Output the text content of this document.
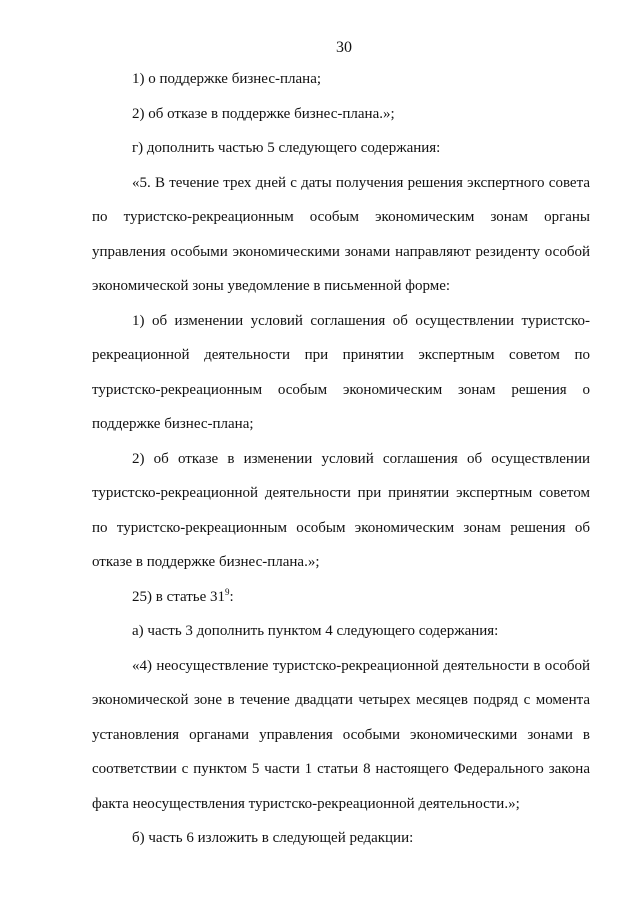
30

1) о поддержке бизнес-плана;

2) об отказе в поддержке бизнес-плана.»;

г) дополнить частью 5 следующего содержания:

«5. В течение трех дней с даты получения решения экспертного совета по туристско-рекреационным особым экономическим зонам органы управления особыми экономическими зонами направляют резиденту особой экономической зоны уведомление в письменной форме:

1) об изменении условий соглашения об осуществлении туристско-рекреационной деятельности при принятии экспертным советом по туристско-рекреационным особым экономическим зонам решения о поддержке бизнес-плана;

2) об отказе в изменении условий соглашения об осуществлении туристско-рекреационной деятельности при принятии экспертным советом по туристско-рекреационным особым экономическим зонам решения об отказе в поддержке бизнес-плана.»;

25) в статье $31^9$:

а) часть 3 дополнить пунктом 4 следующего содержания:

«4) неосуществление туристско-рекреационной деятельности в особой экономической зоне в течение двадцати четырех месяцев подряд с момента установления органами управления особыми экономическими зонами в соответствии с пунктом 5 части 1 статьи 8 настоящего Федерального закона факта неосуществления туристско-рекреационной деятельности.»;

б) часть 6 изложить в следующей редакции:
